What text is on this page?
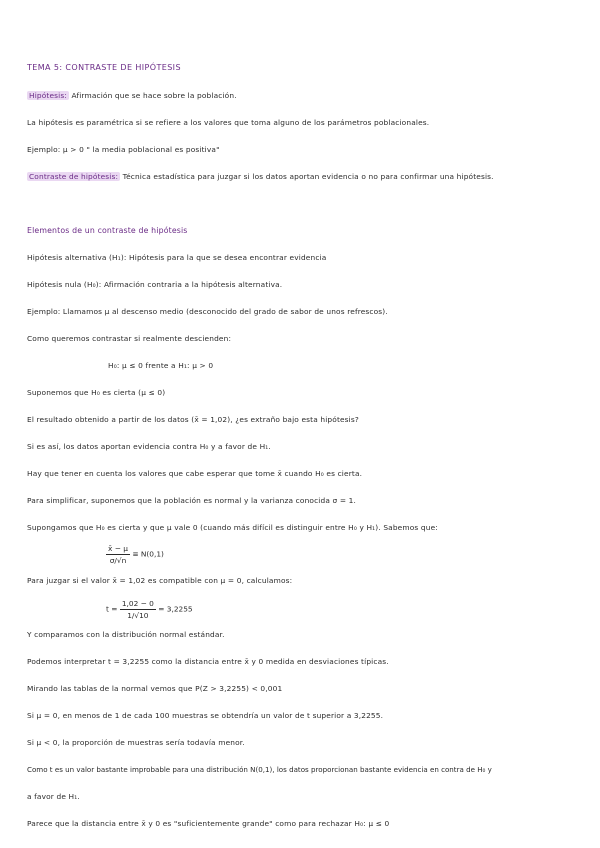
TEMA 5: CONTRASTE DE HIPÓTESIS
Hipótesis: Afirmación que se hace sobre la población.
La hipótesis es paramétrica si se refiere a los valores que toma alguno de los parámetros poblacionales.
Ejemplo: μ > 0 " la media poblacional es positiva"
Contraste de hipótesis: Técnica estadística para juzgar si los datos aportan evidencia o no para confirmar una hipótesis.
Elementos de un contraste de hipótesis
Hipótesis alternativa (H₁): Hipótesis para la que se desea encontrar evidencia
Hipótesis nula (H₀): Afirmación contraria a la hipótesis alternativa.
Ejemplo: Llamamos μ al descenso medio (desconocido del grado de sabor de unos refrescos).
Como queremos contrastar si realmente descienden:
H₀: μ ≤ 0 frente a H₁: μ > 0
Suponemos que H₀ es cierta (μ ≤ 0)
El resultado obtenido a partir de los datos (x̄ = 1,02), ¿es extraño bajo esta hipótesis?
Si es así, los datos aportan evidencia contra H₀ y a favor de H₁.
Hay que tener en cuenta los valores que cabe esperar que tome x̄ cuando H₀ es cierta.
Para simplificar, suponemos que la población es normal y la varianza conocida σ = 1.
Supongamos que H₀ es cierta y que μ vale 0 (cuando más difícil es distinguir entre H₀ y H₁). Sabemos que:
$\frac{x̄ - \mu}{\sigma/√n} \equiv N(0,1)$
Para juzgar si el valor x̄ = 1,02 es compatible con μ = 0, calculamos:
$t = \frac{1,02 - 0}{1/√10} = 3,2255$
Y comparamos con la distribución normal estándar.
Podemos interpretar t = 3,2255 como la distancia entre x̄ y 0 medida en desviaciones típicas.
Mirando las tablas de la normal vemos que P(Z > 3,2255) < 0,001
Si μ = 0, en menos de 1 de cada 100 muestras se obtendría un valor de t superior a 3,2255.
Si μ < 0, la proporción de muestras sería todavía menor.
Como t es un valor bastante improbable para una distribución N(0,1), los datos proporcionan bastante evidencia en contra de H₀ y
a favor de H₁.
Parece que la distancia entre x̄ y 0 es "suficientemente grande" como para rechazar H₀: μ ≤ 0
